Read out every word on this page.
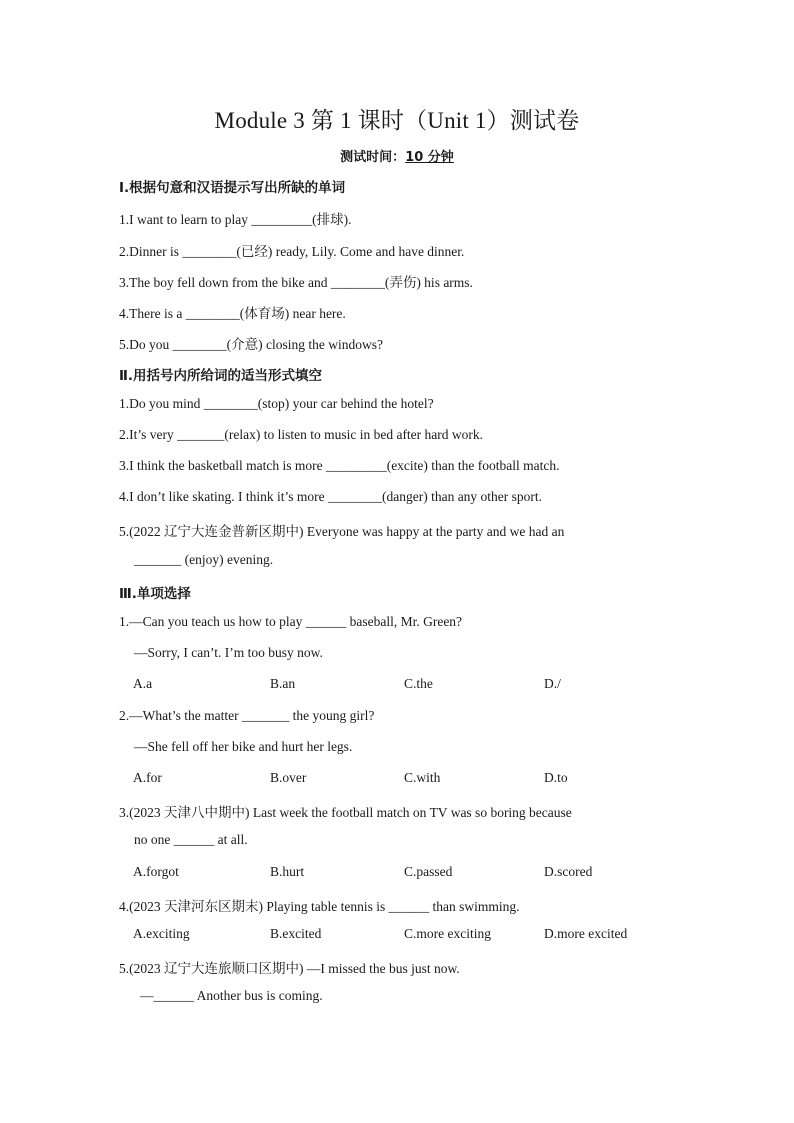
Module 3 第 1 课时（Unit 1）测试卷
测试时间：10 分钟
Ⅰ.根据句意和汉语提示写出所缺的单词
1.I want to learn to play _________(排球).
2.Dinner is ________(已经) ready, Lily. Come and have dinner.
3.The boy fell down from the bike and ________(弄伤) his arms.
4.There is a ________(体育场) near here.
5.Do you ________(介意) closing the windows?
Ⅱ.用括号内所给词的适当形式填空
1.Do you mind ________(stop) your car behind the hotel?
2.It’s very _______(relax) to listen to music in bed after hard work.
3.I think the basketball match is more _________(excite) than the football match.
4.I don’t like skating. I think it’s more ________(danger) than any other sport.
5.(2022 辽宁大连金普新区期中) Everyone was happy at the party and we had an
_______ (enjoy) evening.
Ⅲ.单项选择
1.—Can you teach us how to play ______ baseball, Mr. Green?
—Sorry, I can’t. I’m too busy now.
A.a	B.an	C.the	D./
2.—What’s the matter _______ the young girl?
—She fell off her bike and hurt her legs.
A.for	B.over	C.with	D.to
3.(2023 天津八中期中) Last week the football match on TV was so boring because
no one ______ at all.
A.forgot	B.hurt	C.passed	D.scored
4.(2023 天津河东区期末) Playing table tennis is ______ than swimming.
A.exciting	B.excited	C.more exciting	D.more excited
5.(2023 辽宁大连旅顺口区期中) —I missed the bus just now.
—______ Another bus is coming.
